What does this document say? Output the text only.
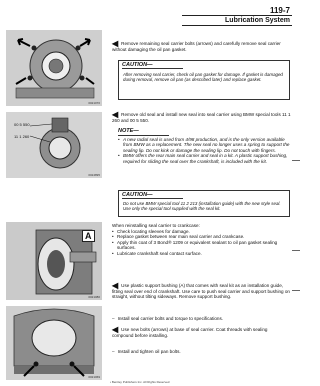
119-7
Lubrication System
0021070
◀ Remove remaining seal carrier bolts (arrows) and carefully remove seal carrier without damaging the oil pan gasket.
CAUTION—
After removing seal carrier, check oil pan gasket for damage. If gasket is damaged during removal, remove oil pan (as described later) and replace gasket.
00 5 550
11 1 260
0024895
◀ Remove old seal and install new seal into seal carrier using BMW special tools 11 1 260 and 00 5 550.
NOTE—
• A new radial seal is used from 4/98 production, and is the only version available from BMW as a replacement. The new seal no longer uses a spring to support the sealing lip. Do not kink or damage the sealing lip. Do not touch with fingers.
• BMW offers the rear main seal carrier and seal in a kit. A plastic support bushing, required for sliding the seal over the crankshaft, is included with the kit.
CAUTION—
Do not use BMW special tool 11 2 213 (installation guide) with the new style seal. Use only the special tool supplied with the seal kit.
A
0021080
When reinstalling seal carrier to crankcase:
• Check locating sleeves for damage.
• Replace gasket between rear main seal carrier and crankcase.
• Apply thin coat of 3 Bond® 1209 or equivalent sealant to oil pan gasket sealing surfaces.
• Lubricate crankshaft seal contact surface.
◀ Use plastic support bushing (A) that comes with seal kit as an installation guide, fitting seal over end of crankshaft. Use care to push seal carrier and support bushing on straight, without tilting sideways. Remove support bushing.
0021069
– Install seal carrier bolts and torque to specifications.
◀ Use new bolts (arrows) at base of seal carrier. Coat threads with sealing compound before installing.
– Install and tighten oil pan bolts.
• Bentley Publishers Inc. All Rights Reserved
